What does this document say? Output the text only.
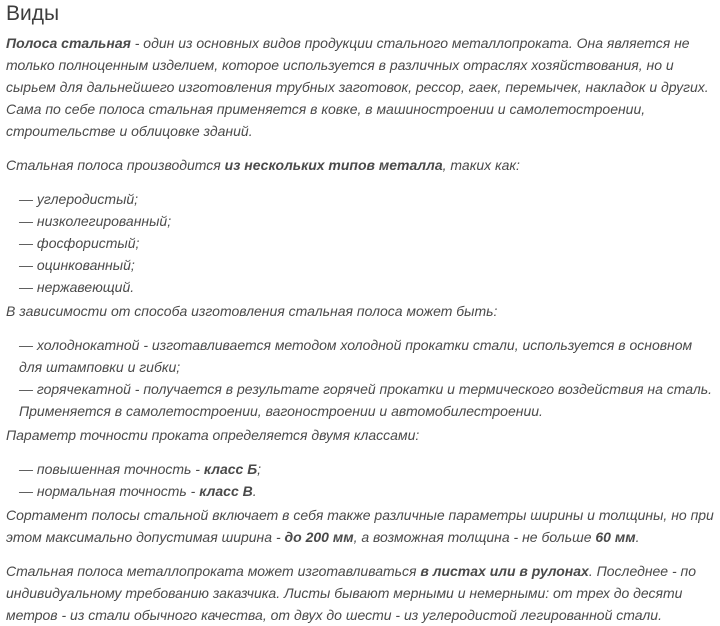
Виды

Полоса стальная - один из основных видов продукции стального металлопроката. Она является не только полноценным изделием, которое используется в различных отраслях хозяйствования, но и сырьем для дальнейшего изготовления трубных заготовок, рессор, гаек, перемычек, накладок и других. Сама по себе полоса стальная применяется в ковке, в машиностроении и самолетостроении, строительстве и облицовке зданий.

Стальная полоса производится из нескольких типов металла, таких как:

— углеродистый;

— низколегированный;

— фосфористый;

— оцинкованный;

— нержавеющий.

В зависимости от способа изготовления стальная полоса может быть:

— холоднокатной - изготавливается методом холодной прокатки стали, используется в основном для штамповки и гибки;

— горячекатной - получается в результате горячей прокатки и термического воздействия на сталь. Применяется в самолетостроении, вагоностроении и автомобилестроении.

Параметр точности проката определяется двумя классами:

— повышенная точность - класс Б;

— нормальная точность - класс В.

Сортамент полосы стальной включает в себя также различные параметры ширины и толщины, но при этом максимально допустимая ширина - до 200 мм, а возможная толщина - не больше 60 мм.

Стальная полоса металлопроката может изготавливаться в листах или в рулонах. Последнее - по индивидуальному требованию заказчика. Листы бывают мерными и немерными: от трех до десяти метров - из стали обычного качества, от двух до шести - из углеродистой легированной стали.
